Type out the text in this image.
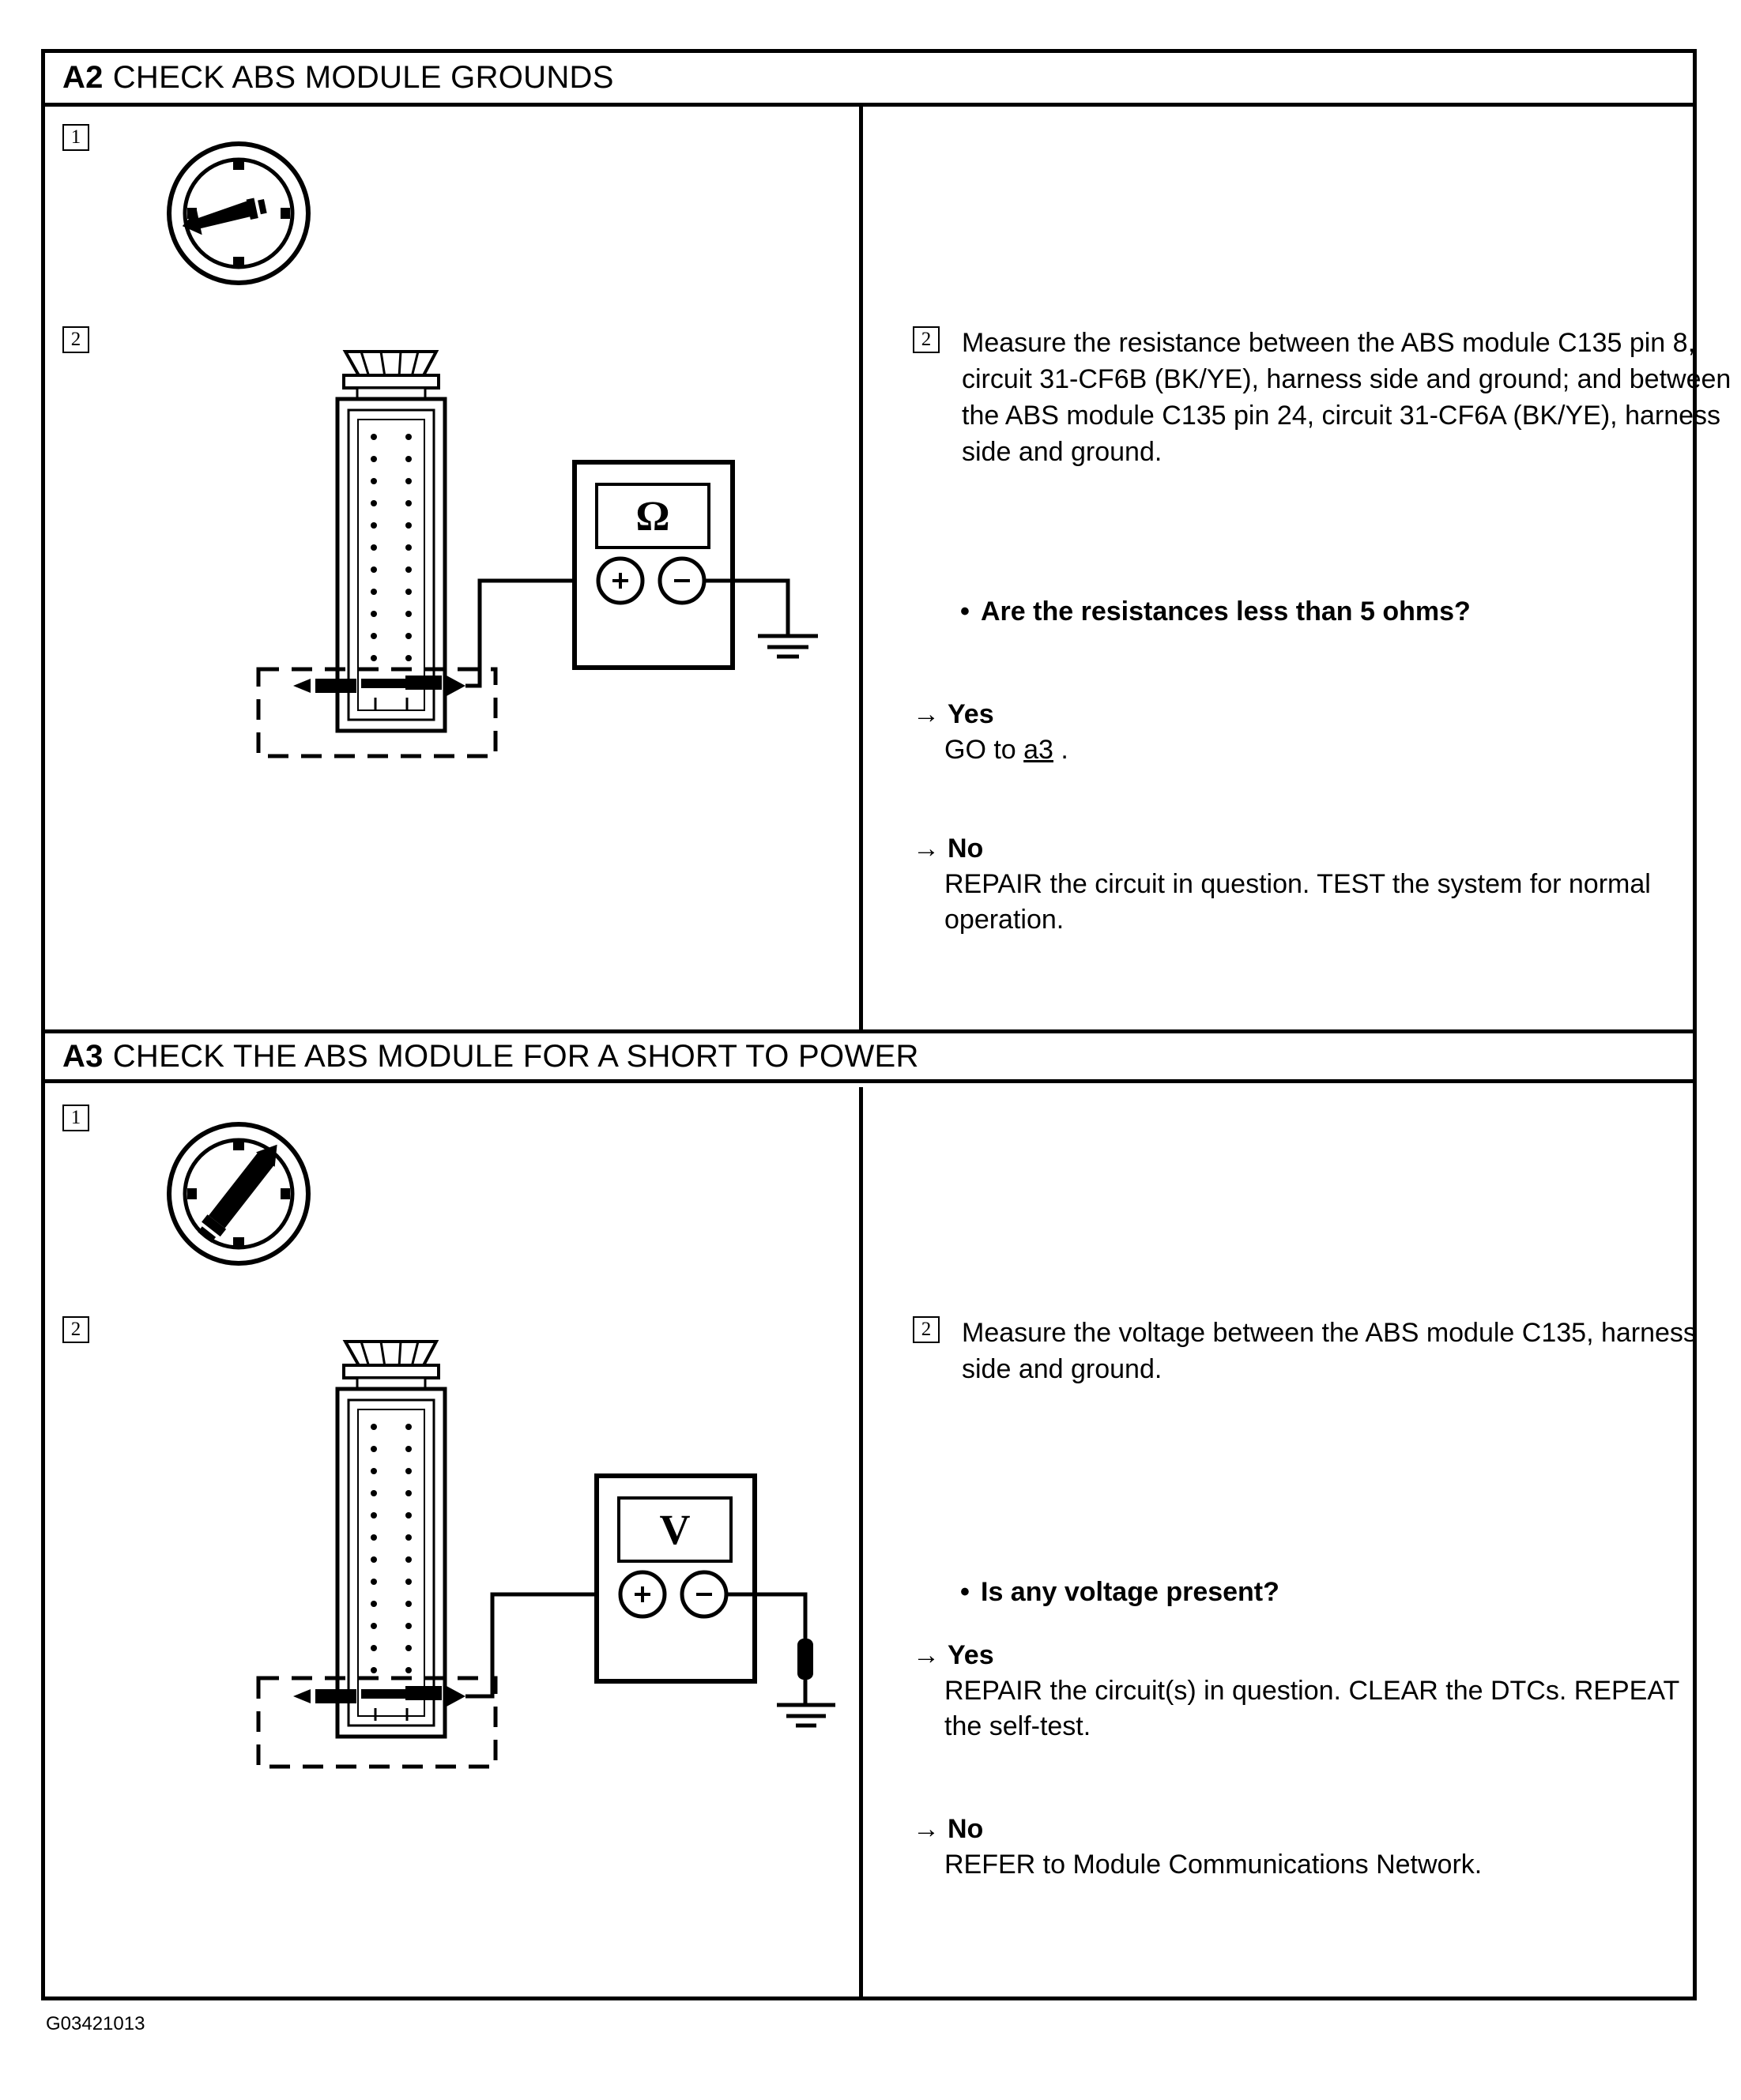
A2 CHECK ABS MODULE GROUNDS
1
2
Ω
2	Measure the resistance between the ABS module C135 pin 8, circuit 31-CF6B (BK/YE), harness side and ground; and between the ABS module C135 pin 24, circuit 31-CF6A (BK/YE), harness side and ground.
• Are the resistances less than 5 ohms?
→ Yes
GO to a3 .
→ No
REPAIR the circuit in question. TEST the system for normal operation.
A3 CHECK THE ABS MODULE FOR A SHORT TO POWER
1
2
V
2	Measure the voltage between the ABS module C135, harness side and ground.
• Is any voltage present?
→ Yes
REPAIR the circuit(s) in question. CLEAR the DTCs. REPEAT the self-test.
→ No
REFER to Module Communications Network.
G03421013
